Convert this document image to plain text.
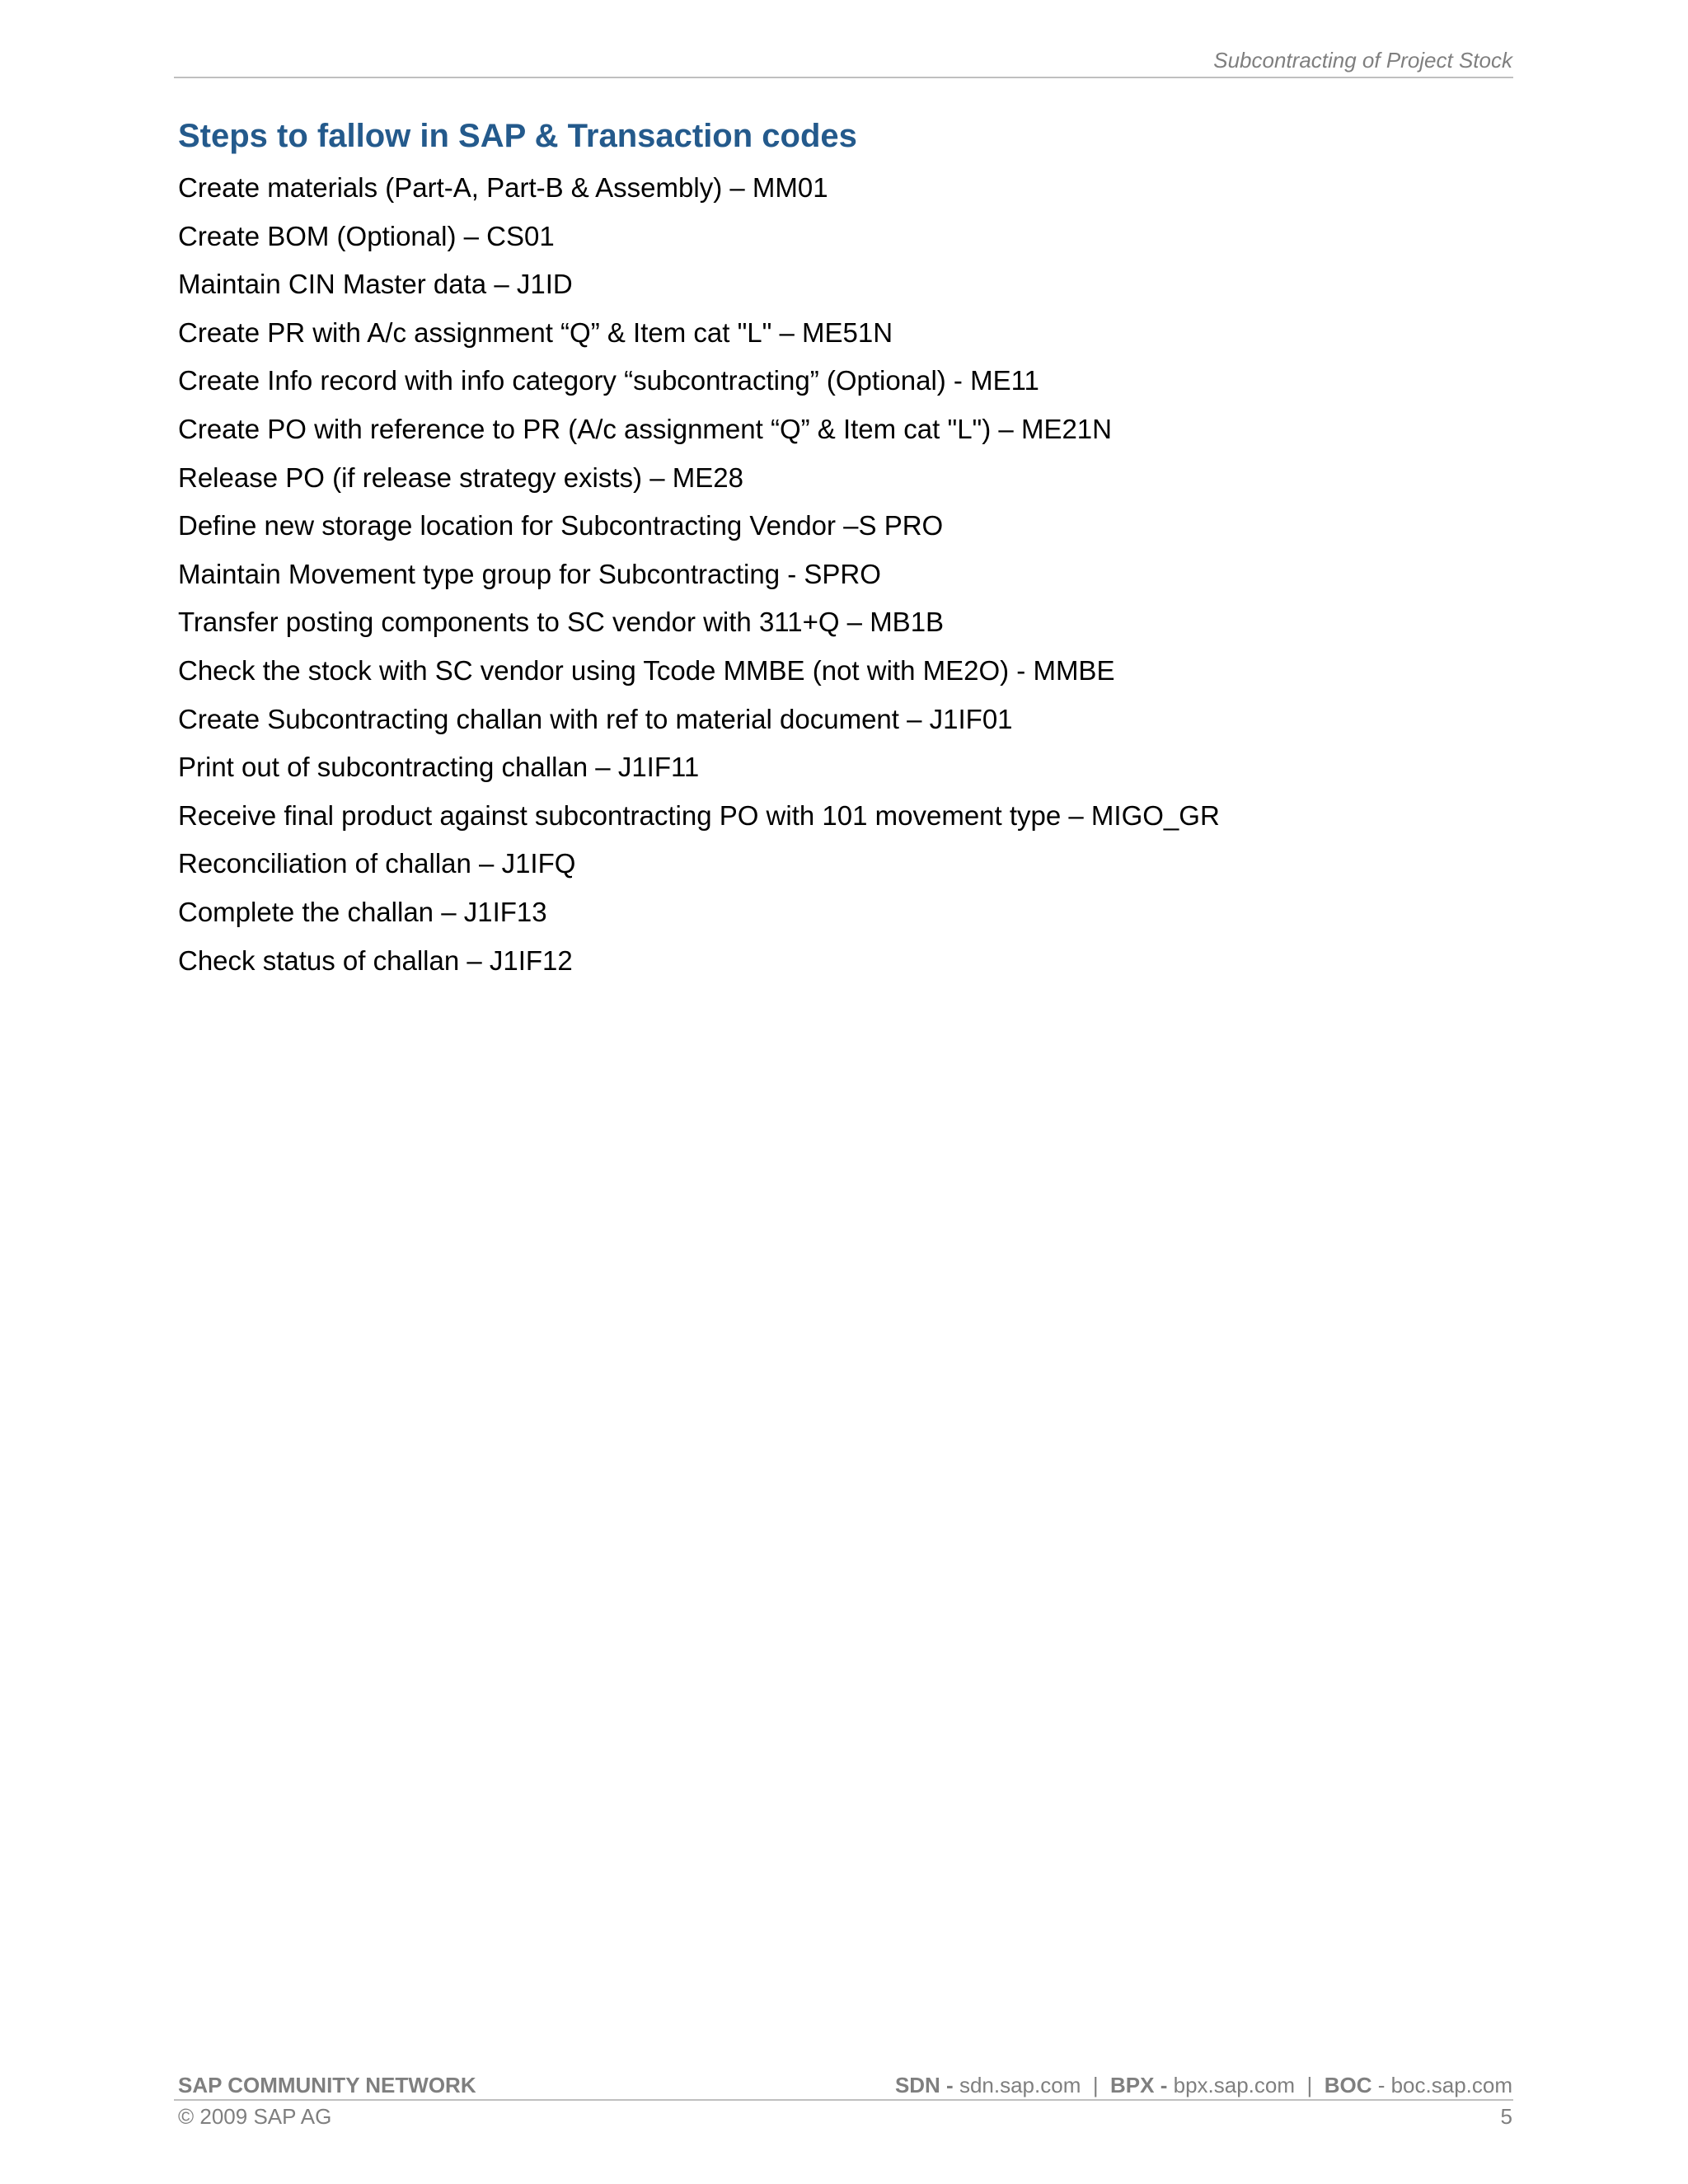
Subcontracting of Project Stock
Steps to fallow in SAP & Transaction codes
Create materials (Part-A, Part-B & Assembly) – MM01
Create BOM (Optional) – CS01
Maintain CIN Master data – J1ID
Create PR with A/c assignment “Q” & Item cat "L" – ME51N
Create Info record with info category “subcontracting” (Optional) - ME11
Create PO with reference to PR (A/c assignment “Q” & Item cat "L") – ME21N
Release PO (if release strategy exists) – ME28
Define new storage location for Subcontracting Vendor –S PRO
Maintain Movement type group for Subcontracting - SPRO
Transfer posting components to SC vendor with 311+Q – MB1B
Check the stock with SC vendor using Tcode MMBE (not with ME2O) - MMBE
Create Subcontracting challan with ref to material document – J1IF01
Print out of subcontracting challan – J1IF11
Receive final product against subcontracting PO with 101 movement type – MIGO_GR
Reconciliation of challan – J1IFQ
Complete the challan – J1IF13
Check status of challan – J1IF12
SAP COMMUNITY NETWORK	SDN - sdn.sap.com | BPX - bpx.sap.com | BOC - boc.sap.com
© 2009 SAP AG	5
